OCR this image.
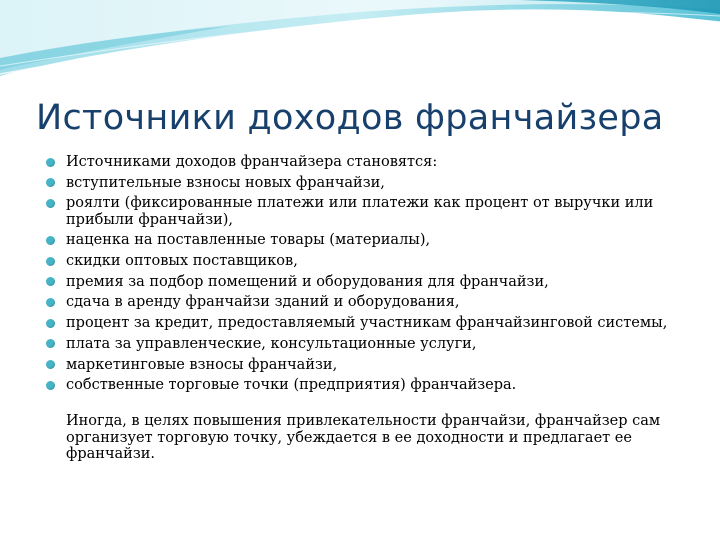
Источники доходов франчайзера
Источниками доходов франчайзера становятся:
вступительные взносы новых франчайзи,
роялти (фиксированные платежи или платежи как процент от выручки или прибыли франчайзи),
наценка на поставленные товары (материалы),
скидки оптовых поставщиков,
премия за подбор помещений и оборудования для франчайзи,
сдача в аренду франчайзи зданий и оборудования,
процент за кредит, предоставляемый участникам франчайзинговой системы,
плата за управленческие, консультационные услуги,
маркетинговые взносы франчайзи,
собственные торговые точки (предприятия) франчайзера.
Иногда, в целях повышения привлекательности франчайзи, франчайзер сам организует торговую точку, убеждается в ее доходности и предлагает ее франчайзи.
